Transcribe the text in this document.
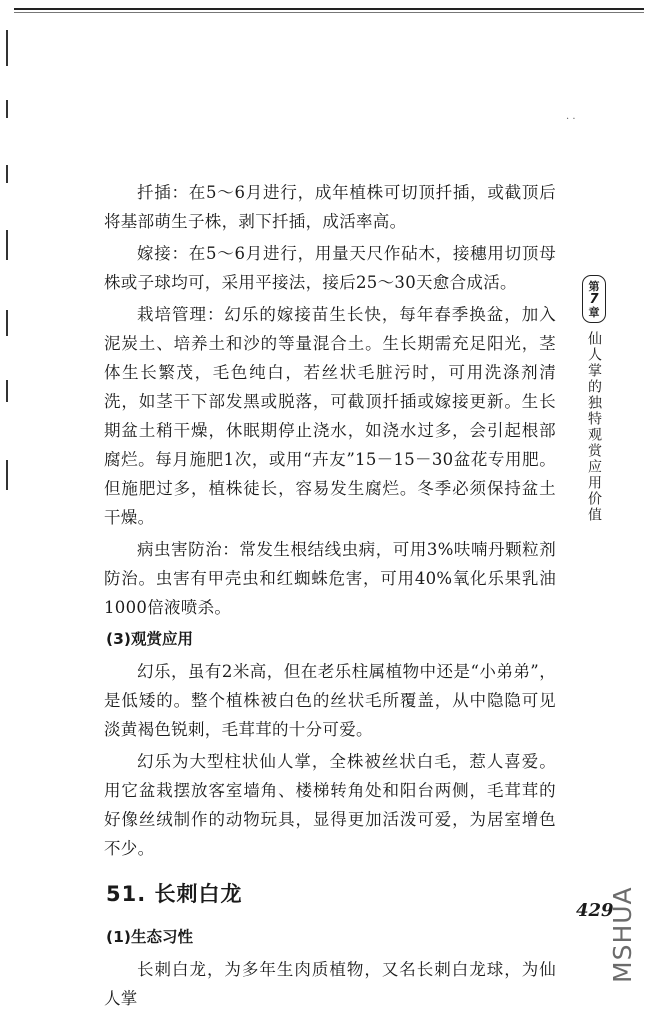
· ·

扦插：在5～6月进行，成年植株可切顶扦插，或截顶后将基部萌生子株，剥下扦插，成活率高。

嫁接：在5～6月进行，用量天尺作砧木，接穗用切顶母株或子球均可，采用平接法，接后25～30天愈合成活。

栽培管理：幻乐的嫁接苗生长快，每年春季换盆，加入泥炭土、培养土和沙的等量混合土。生长期需充足阳光，茎体生长繁茂，毛色纯白，若丝状毛脏污时，可用洗涤剂清洗，如茎干下部发黑或脱落，可截顶扦插或嫁接更新。生长期盆土稍干燥，休眠期停止浇水，如浇水过多，会引起根部腐烂。每月施肥1次，或用“卉友”15－15－30盆花专用肥。但施肥过多，植株徒长，容易发生腐烂。冬季必须保持盆土干燥。

病虫害防治：常发生根结线虫病，可用3%呋喃丹颗粒剂防治。虫害有甲壳虫和红蜘蛛危害，可用40%氧化乐果乳油1000倍液喷杀。

(3)观赏应用

幻乐，虽有2米高，但在老乐柱属植物中还是“小弟弟”，是低矮的。整个植株被白色的丝状毛所覆盖，从中隐隐可见淡黄褐色锐刺，毛茸茸的十分可爱。

幻乐为大型柱状仙人掌，全株被丝状白毛，惹人喜爱。用它盆栽摆放客室墙角、楼梯转角处和阳台两侧，毛茸茸的好像丝绒制作的动物玩具，显得更加活泼可爱，为居室增色不少。

51. 长刺白龙
(1)生态习性

长刺白龙，为多年生肉质植物，又名长刺白龙球，为仙人掌

第
7
章
仙人掌的独特观赏应用价值
429
MSHUA
